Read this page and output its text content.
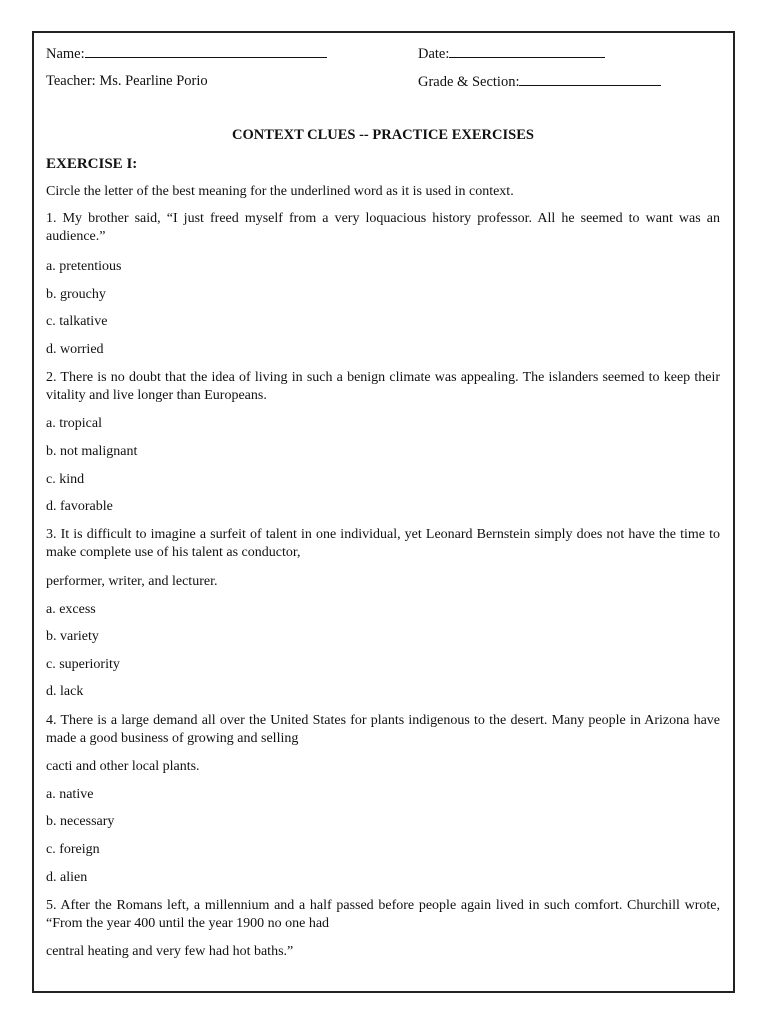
Name:	Date:
Teacher: Ms. Pearline Porio	Grade & Section:
CONTEXT CLUES -- PRACTICE EXERCISES
EXERCISE I:

Circle the letter of the best meaning for the underlined word as it is used in context.

1. My brother said, “I just freed myself from a very loquacious history professor. All he seemed to want was an audience.”

a. pretentious

b. grouchy

c. talkative

d. worried

2. There is no doubt that the idea of living in such a benign climate was appealing. The islanders seemed to keep their vitality and live longer than Europeans.

a. tropical

b. not malignant

c. kind

d. favorable

3. It is difficult to imagine a surfeit of talent in one individual, yet Leonard Bernstein simply does not have the time to make complete use of his talent as conductor,

performer, writer, and lecturer.

a. excess

b. variety

c. superiority

d. lack

4. There is a large demand all over the United States for plants indigenous to the desert. Many people in Arizona have made a good business of growing and selling

cacti and other local plants.

a. native

b. necessary

c. foreign

d. alien

5. After the Romans left, a millennium and a half passed before people again lived in such comfort. Churchill wrote, “From the year 400 until the year 1900 no one had

central heating and very few had hot baths.”
